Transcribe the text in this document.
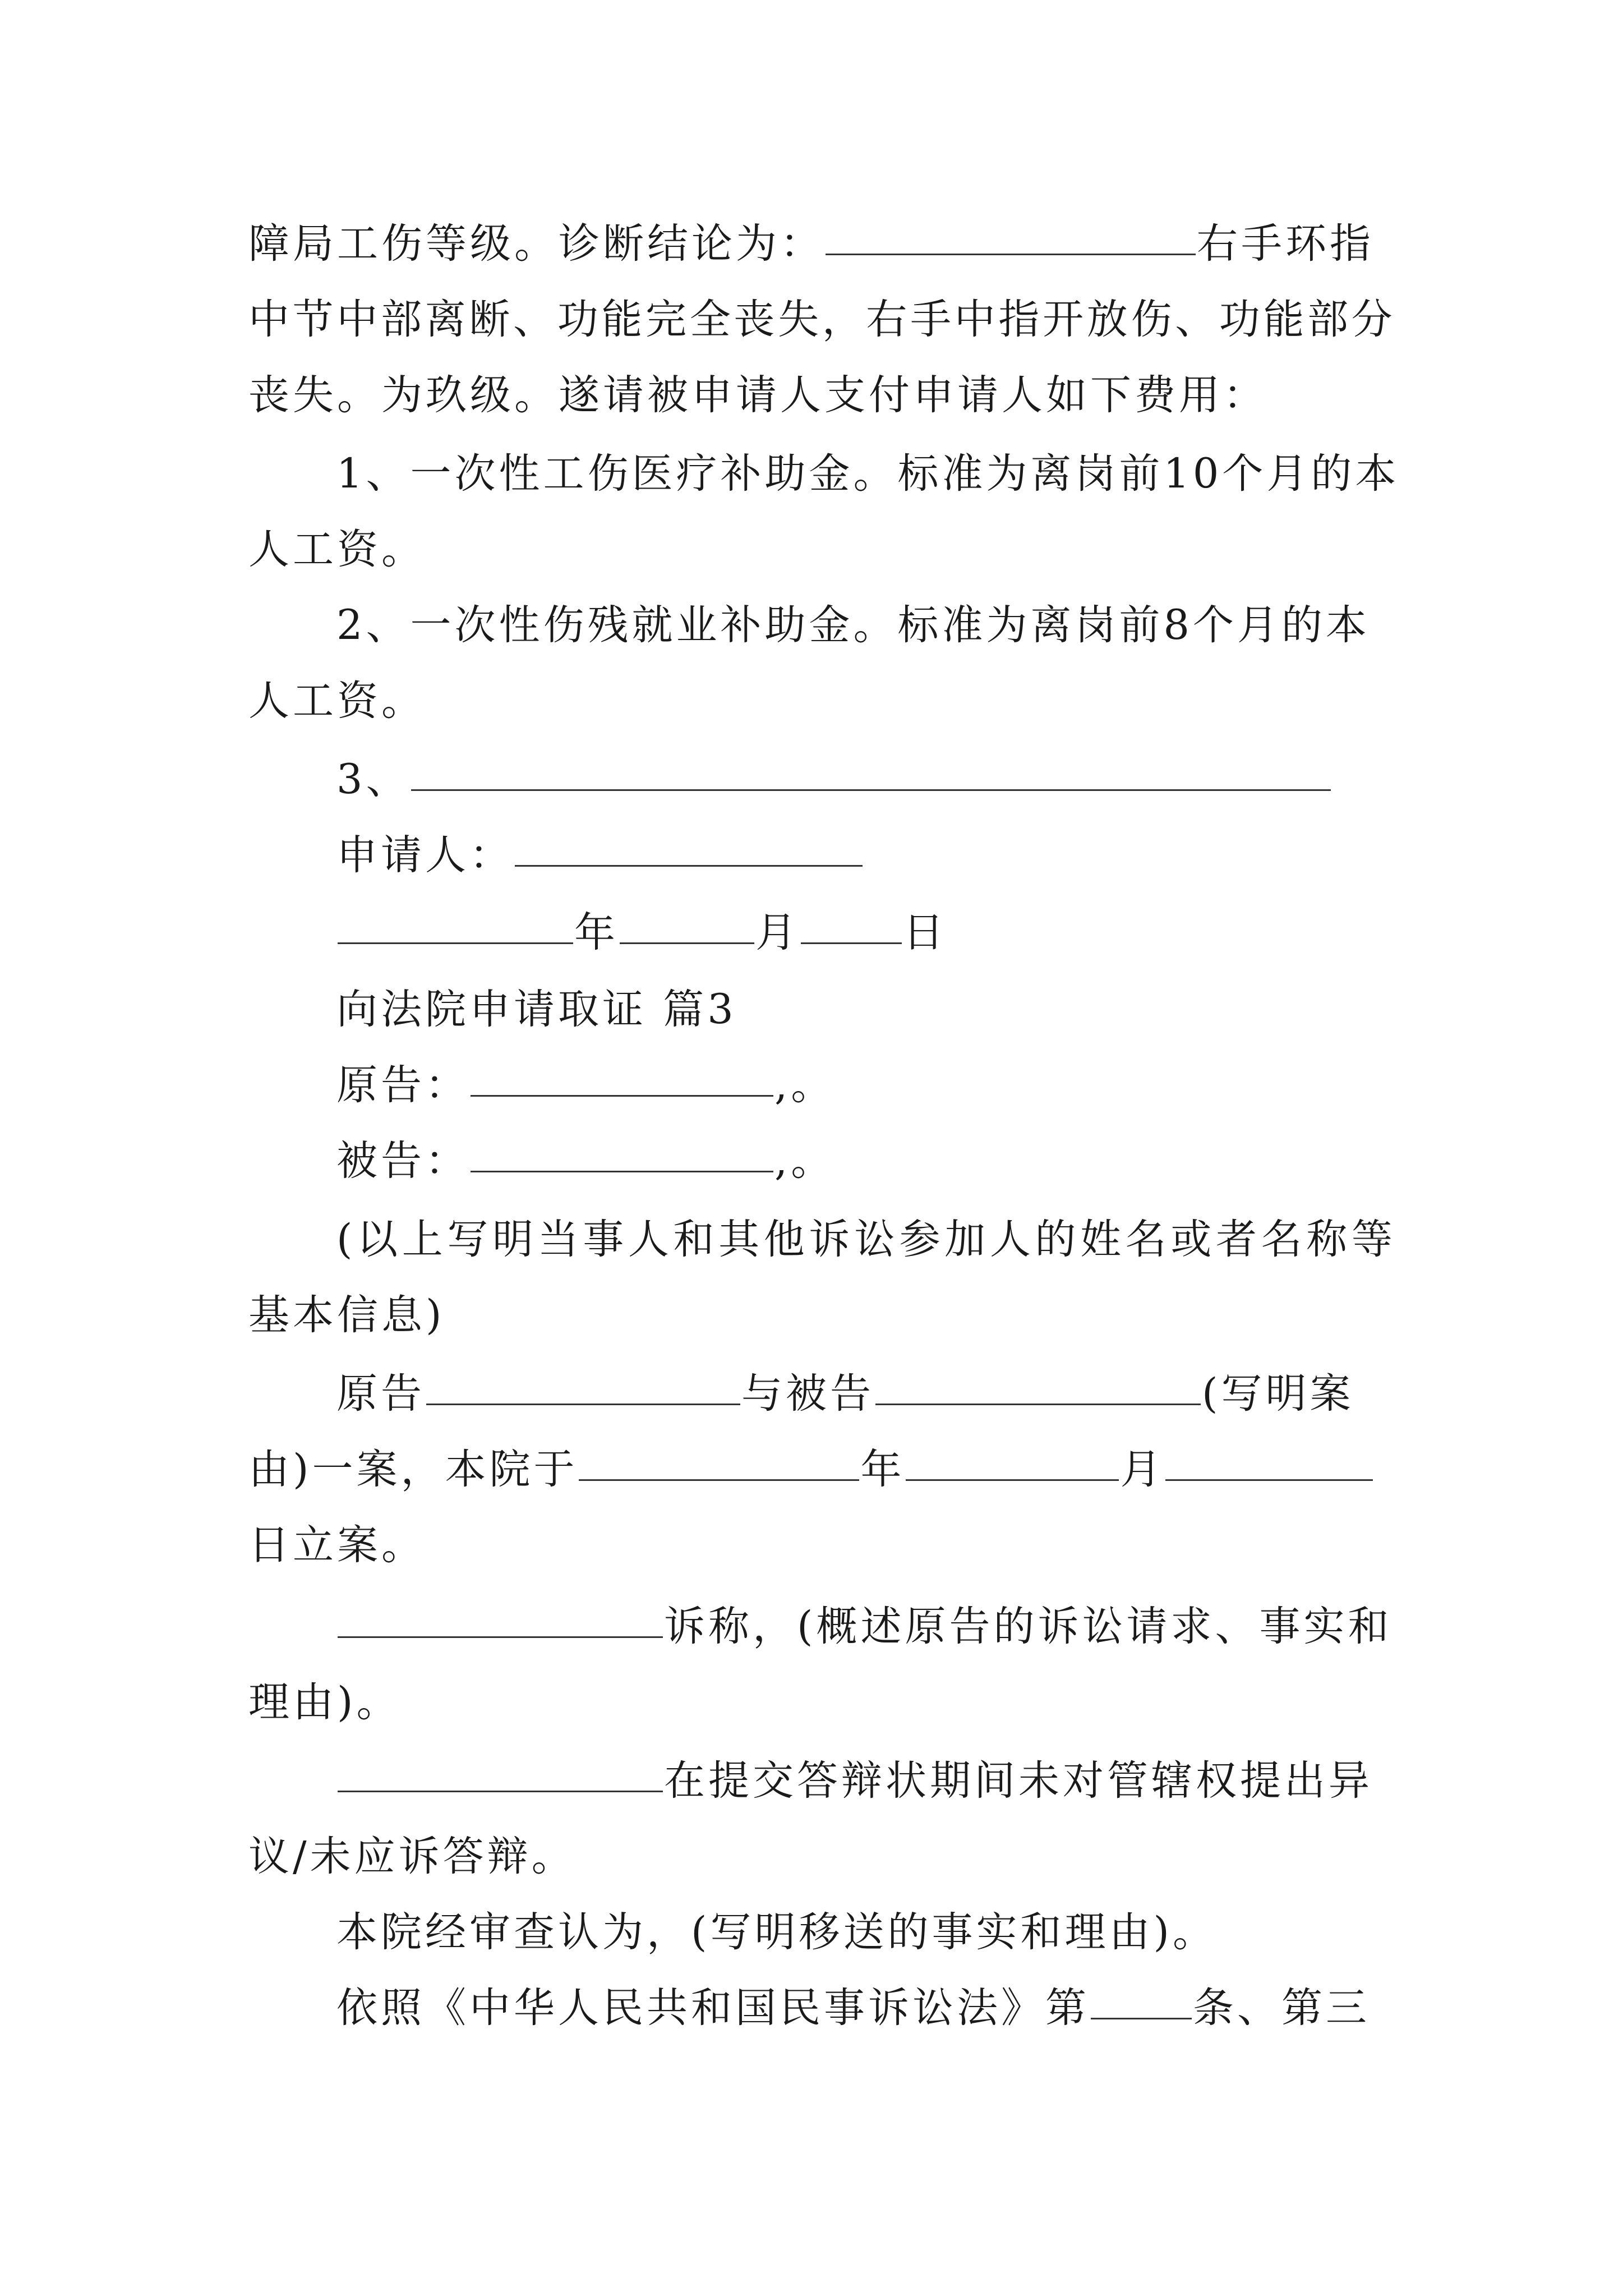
障局工伤等级。诊断结论为：	右手环指
中 节 中 部 离 断 、 功 能 完 全 丧 失 ， 右 手 中 指 开 放 伤 、 功 能 部 分
丧失。为玖级。遂请被申请人支付申请人如下费用：
1、一次性工伤医疗补助金。标准为离岗前10个月的本
人工资。
2、一次性伤残就业补助金。标准为离岗前8个月的本
人工资。
3、
申请人：
年	月	日
向法院申请取证 篇3
原告：	,。
被告：	,。
( 以 上 写 明 当 事 人 和 其 他 诉 讼 参 加 人 的 姓 名 或 者 名 称 等
基本信息)
原告	与被告	(写明案
由)一案，本院于	年	月
日立案。
诉称，(概述原告的诉讼请求、事实和
理由)。
在提交答辩状期间未对管辖权提出异
议/未应诉答辩。
本院经审查认为，(写明移送的事实和理由)。
依照《中华人民共和国民事诉讼法》第	条、第三
